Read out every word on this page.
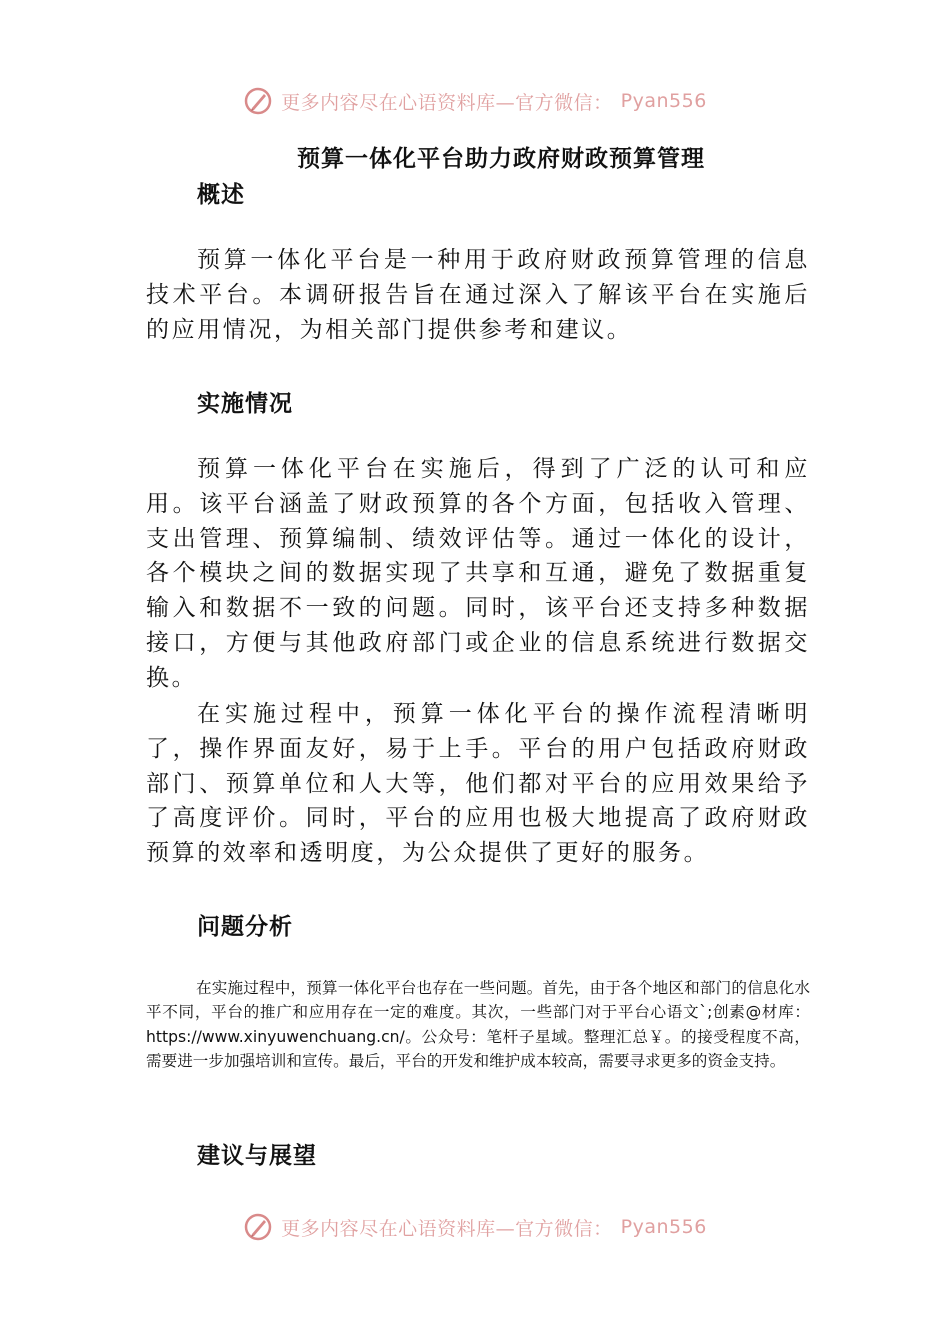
更多内容尽在心语资料库—官方微信： Pyan556
预算一体化平台助力政府财政预算管理
概述
预算一体化平台是一种用于政府财政预算管理的信息技术平台。本调研报告旨在通过深入了解该平台在实施后的应用情况，为相关部门提供参考和建议。
实施情况
预算一体化平台在实施后，得到了广泛的认可和应用。该平台涵盖了财政预算的各个方面，包括收入管理、支出管理、预算编制、绩效评估等。通过一体化的设计，各个模块之间的数据实现了共享和互通，避免了数据重复输入和数据不一致的问题。同时，该平台还支持多种数据接口，方便与其他政府部门或企业的信息系统进行数据交换。
在实施过程中，预算一体化平台的操作流程清晰明了，操作界面友好，易于上手。平台的用户包括政府财政部门、预算单位和人大等，他们都对平台的应用效果给予了高度评价。同时，平台的应用也极大地提高了政府财政预算的效率和透明度，为公众提供了更好的服务。
问题分析
在实施过程中，预算一体化平台也存在一些问题。首先，由于各个地区和部门的信息化水平不同，平台的推广和应用存在一定的难度。其次，一些部门对于平台心语文`;创素@材库：https://www.xinyuwenchuang.cn/。公众号：笔杆子星域。整理汇总￥。的接受程度不高，需要进一步加强培训和宣传。最后，平台的开发和维护成本较高，需要寻求更多的资金支持。
建议与展望
更多内容尽在心语资料库—官方微信： Pyan556
